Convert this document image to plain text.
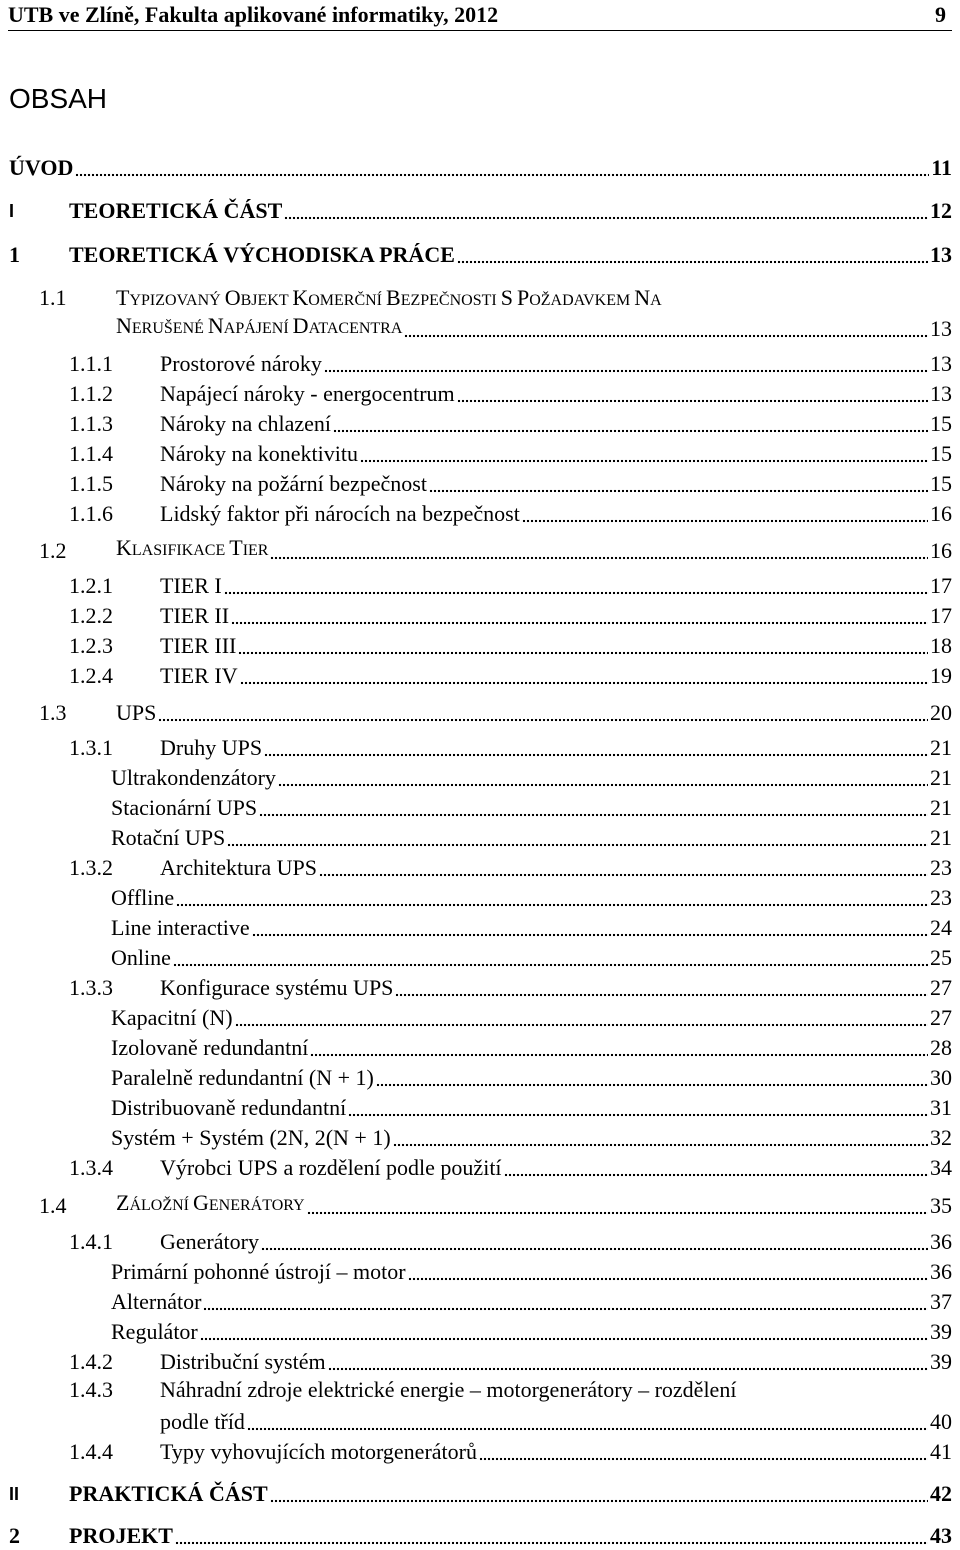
UTB ve Zlíně, Fakulta aplikované informatiky, 2012	9
OBSAH
ÚVOD	11
I	TEORETICKÁ ČÁST	12
1	TEORETICKÁ VÝCHODISKA PRÁCE	13
1.1 TYPIZOVANÝ OBJEKT KOMERČNÍ BEZPEČNOSTI S POŽADAVKEM NA
NERUŠENÉ NAPÁJENÍ DATACENTRA	13
1.1.1	Prostorové nároky	13
1.1.2	Napájecí nároky - energocentrum	13
1.1.3	Nároky na chlazení	15
1.1.4	Nároky na konektivitu	15
1.1.5	Nároky na požární bezpečnost	15
1.1.6	Lidský faktor při nárocích na bezpečnost	16
1.2	KLASIFIKACE TIER	16
1.2.1	TIER I	17
1.2.2	TIER II	17
1.2.3	TIER III	18
1.2.4	TIER IV	19
1.3	UPS	20
1.3.1	Druhy UPS	21
Ultrakondenzátory	21
Stacionární UPS	21
Rotační UPS	21
1.3.2	Architektura UPS	23
Offline	23
Line interactive	24
Online	25
1.3.3	Konfigurace systému UPS	27
Kapacitní (N)	27
Izolovaně redundantní	28
Paralelně redundantní (N + 1)	30
Distribuovaně redundantní	31
Systém + Systém (2N, 2(N + 1)	32
1.3.4	Výrobci UPS a rozdělení podle použití	34
1.4	ZÁLOŽNÍ GENERÁTORY	35
1.4.1	Generátory	36
Primární pohonné ústrojí – motor	36
Alternátor	37
Regulátor	39
1.4.2	Distribuční systém	39
1.4.3 Náhradní zdroje elektrické energie – motorgenerátory – rozdělení
podle tříd	40
1.4.4	Typy vyhovujících motorgenerátorů	41
II	PRAKTICKÁ ČÁST	42
2	PROJEKT	43
